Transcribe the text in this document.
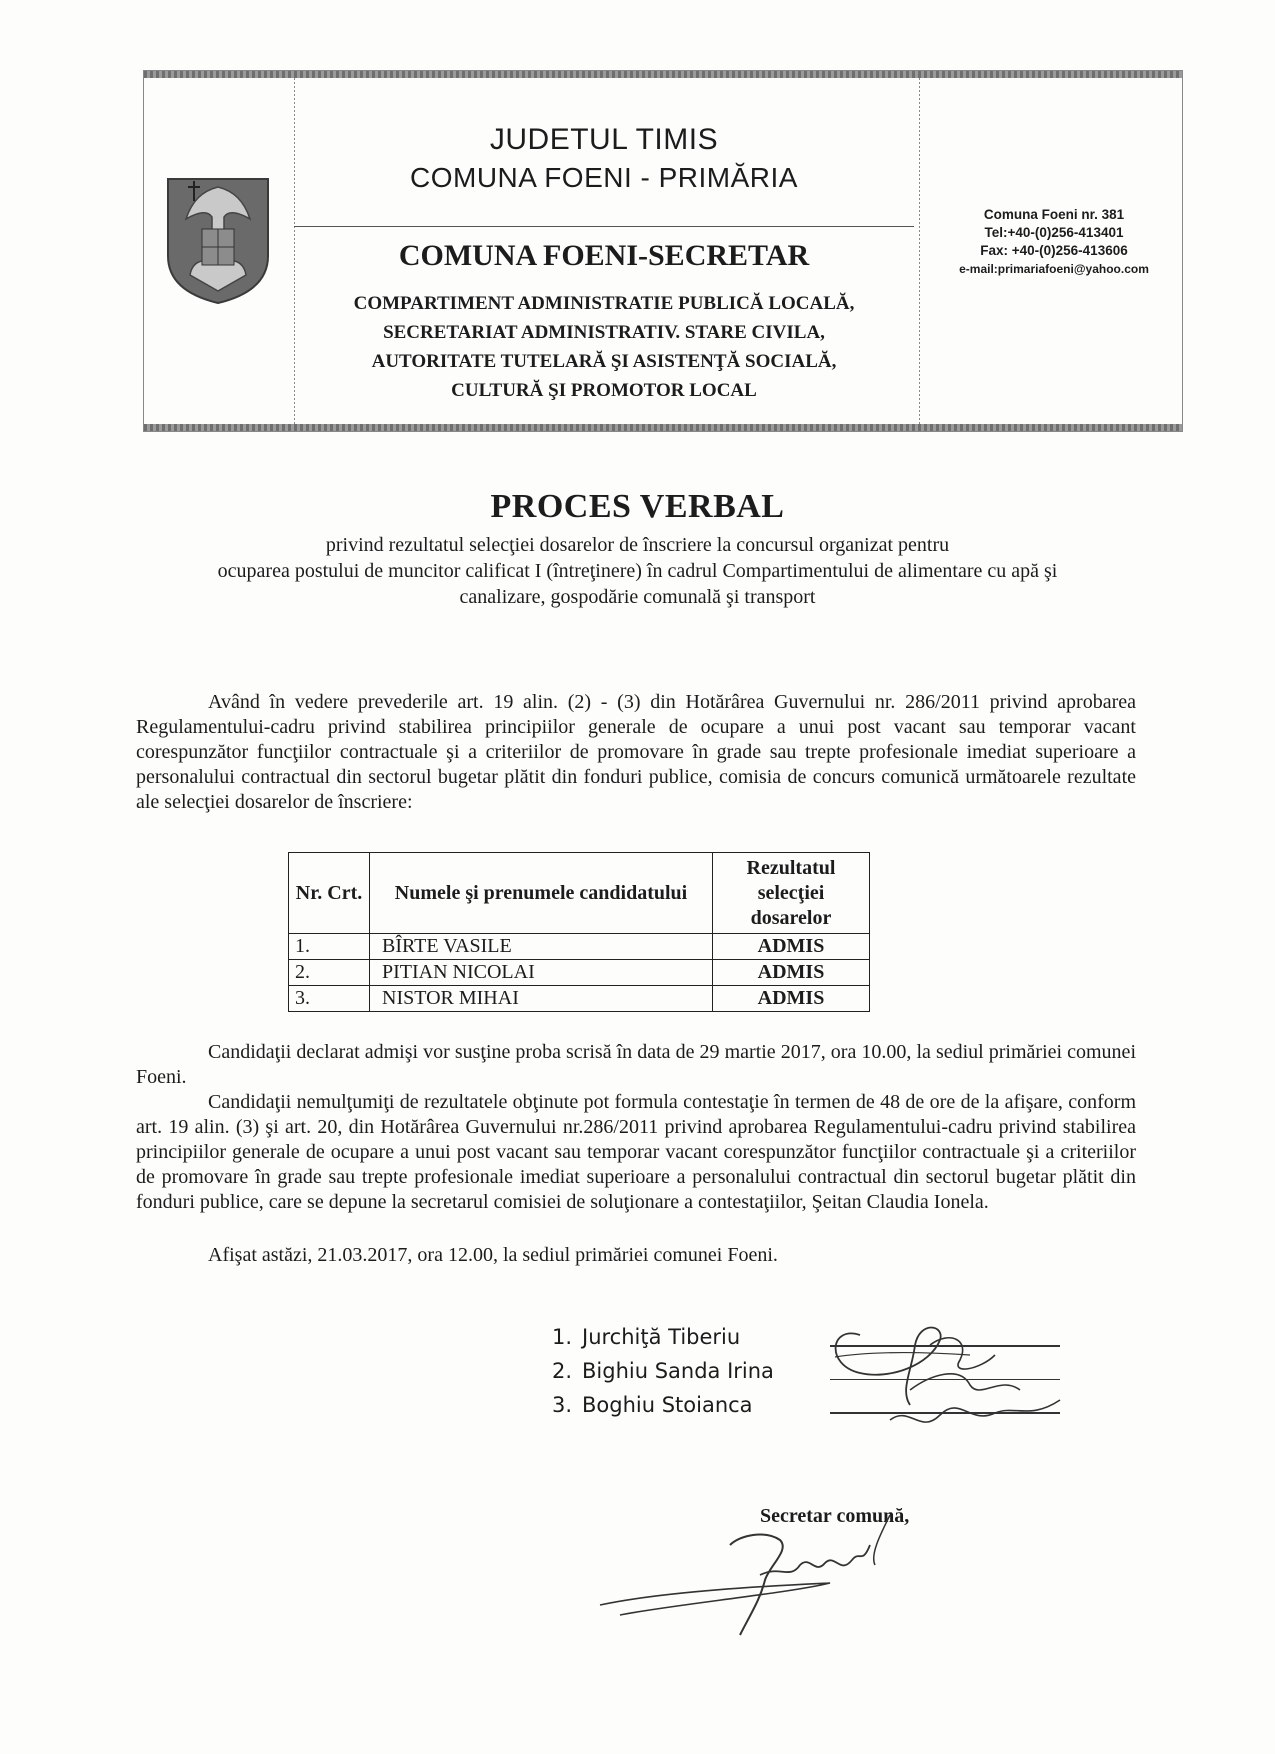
JUDETUL TIMIS
COMUNA FOENI - PRIMĂRIA
COMUNA FOENI-SECRETAR
COMPARTIMENT ADMINISTRATIE PUBLICĂ LOCALĂ,
SECRETARIAT ADMINISTRATIV. STARE CIVILA,
AUTORITATE TUTELARĂ ŞI ASISTENŢĂ SOCIALĂ,
CULTURĂ ŞI PROMOTOR LOCAL
Comuna Foeni nr. 381
Tel:+40-(0)256-413401
Fax: +40-(0)256-413606
e-mail:primariafoeni@yahoo.com
PROCES VERBAL
privind rezultatul selecţiei dosarelor de înscriere la concursul organizat pentru
ocuparea postului de muncitor calificat I (întreţinere) în cadrul Compartimentului de alimentare cu apă şi
canalizare, gospodărie comunală şi transport
Având în vedere prevederile art. 19 alin. (2) - (3) din Hotărârea Guvernului nr. 286/2011 privind aprobarea Regulamentului-cadru privind stabilirea principiilor generale de ocupare a unui post vacant sau temporar vacant corespunzător funcţiilor contractuale şi a criteriilor de promovare în grade sau trepte profesionale imediat superioare a personalului contractual din sectorul bugetar plătit din fonduri publice, comisia de concurs comunică următoarele rezultate ale selecţiei dosarelor de înscriere:
Nr. Crt.	Numele şi prenumele candidatului	Rezultatul selecţiei dosarelor
1.	BÎRTE VASILE	ADMIS
2.	PITIAN NICOLAI	ADMIS
3.	NISTOR MIHAI	ADMIS
Candidaţii declarat admişi vor susţine proba scrisă în data de 29 martie 2017, ora 10.00, la sediul primăriei comunei Foeni.
Candidaţii nemulţumiţi de rezultatele obţinute pot formula contestaţie în termen de 48 de ore de la afişare, conform art. 19 alin. (3) şi art. 20, din Hotărârea Guvernului nr.286/2011 privind aprobarea Regulamentului-cadru privind stabilirea principiilor generale de ocupare a unui post vacant sau temporar vacant corespunzător funcţiilor contractuale şi a criteriilor de promovare în grade sau trepte profesionale imediat superioare a personalului contractual din sectorul bugetar plătit din fonduri publice, care se depune la secretarul comisiei de soluţionare a contestaţiilor, Şeitan Claudia Ionela.
Afişat astăzi, 21.03.2017, ora 12.00, la sediul primăriei comunei Foeni.
1. Jurchiţă Tiberiu
2. Bighiu Sanda Irina
3. Boghiu Stoianca
Secretar comună,
